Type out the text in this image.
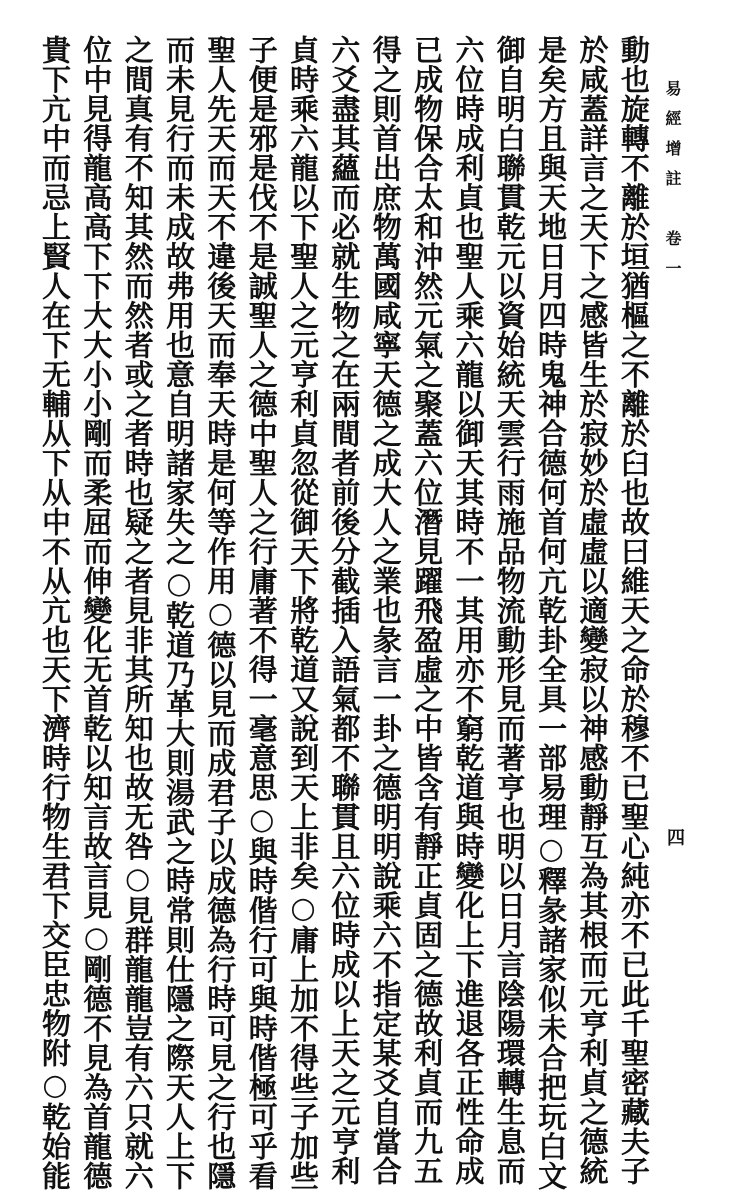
易經增註　卷一
四
動也旋轉不離於垣猶樞之不離於臼也故曰維天之命於穆不已聖心純亦不已此千聖密藏夫子
於咸蓋詳言之天下之感皆生於寂妙於虛虛以適變寂以神感動靜互為其根而元亨利貞之德統
是矣方且與天地日月四時鬼神合德何首何亢乾卦全具一部易理○釋彖諸家似未合把玩白文
御自明白聯貫乾元以資始統天雲行雨施品物流動形見而著亨也明以日月言陰陽環轉生息而
六位時成利貞也聖人乘六龍以御天其時不一其用亦不窮乾道與時變化上下進退各正性命成
已成物保合太和沖然元氣之聚蓋六位潛見躍飛盈虛之中皆含有靜正貞固之德故利貞而九五
得之則首出庶物萬國咸寧天德之成大人之業也彖言一卦之德明明說乘六不指定某爻自當合
六爻盡其蘊而必就生物之在兩間者前後分截插入語氣都不聯貫且六位時成以上天之元亨利
貞時乘六龍以下聖人之元亨利貞忽從御天下將乾道又說到天上非矣○庸上加不得些子加些
子便是邪是伐不是誠聖人之德中聖人之行庸著不得一毫意思○與時偕行可與時偕極可乎看
聖人先天而天不違後天而奉天時是何等作用○德以見而成君子以成德為行時可見之行也隱
而未見行而未成故弗用也意自明諸家失之○乾道乃革大則湯武之時常則仕隱之際天人上下
之間真有不知其然而然者或之者時也疑之者見非其所知也故无咎○見群龍龍豈有六只就六
位中見得龍高高下下大大小小剛而柔屈而伸變化无首乾以知言故言見○剛德不見為首龍德
貴下亢中而忌上賢人在下无輔从下从中不从亢也天下濟時行物生君下交臣忠物附○乾始能
